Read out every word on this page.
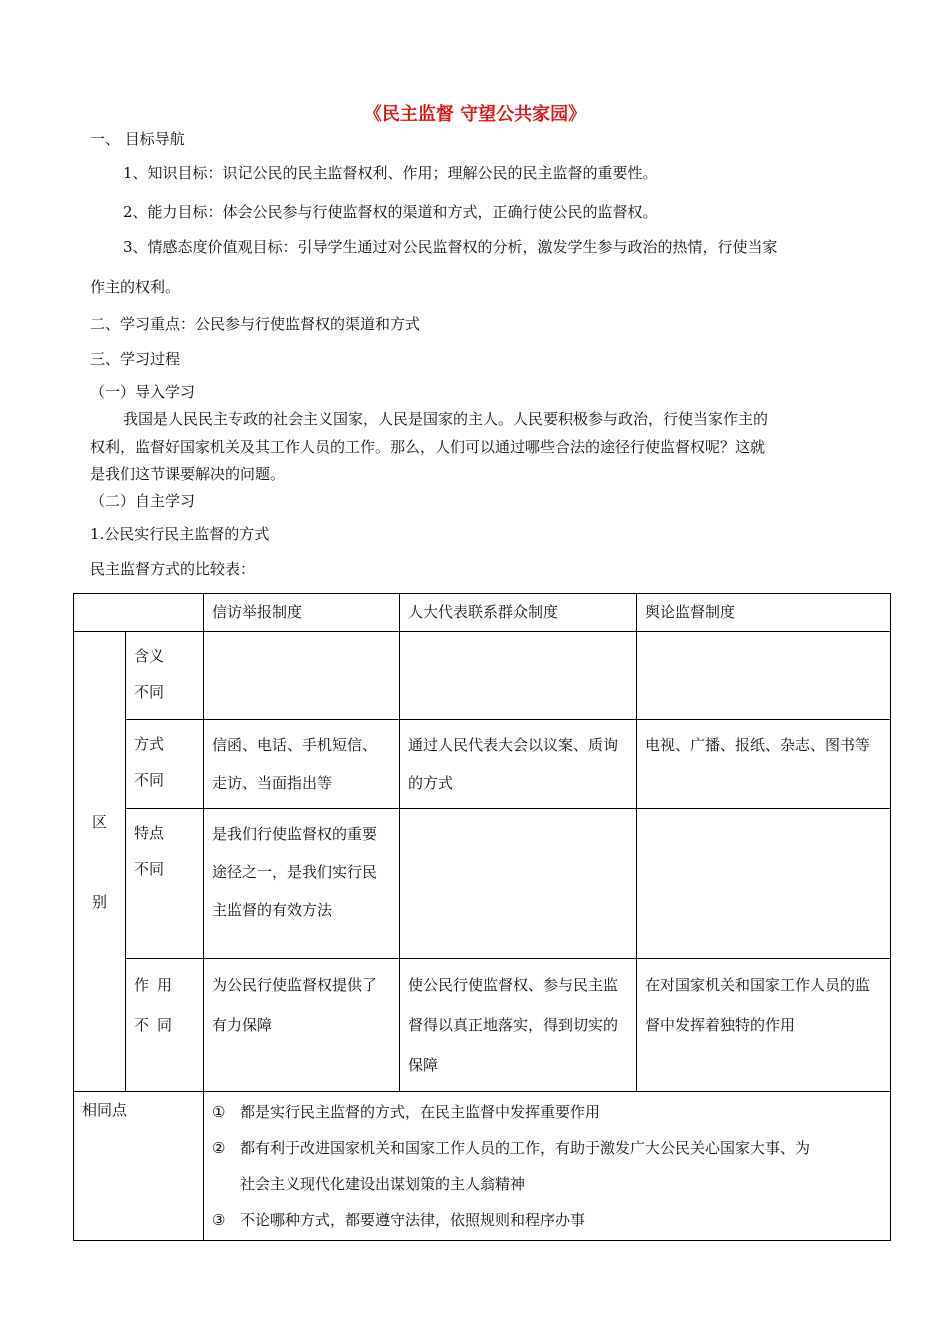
《民主监督 守望公共家园》
一、 目标导航
1、知识目标：识记公民的民主监督权利、作用；理解公民的民主监督的重要性。
2、能力目标：体会公民参与行使监督权的渠道和方式，正确行使公民的监督权。
3、情感态度价值观目标：引导学生通过对公民监督权的分析，激发学生参与政治的热情，行使当家
作主的权利。
二、学习重点：公民参与行使监督权的渠道和方式
三、学习过程
（一）导入学习
我国是人民民主专政的社会主义国家，人民是国家的主人。人民要积极参与政治，行使当家作主的
权利，监督好国家机关及其工作人员的工作。那么，人们可以通过哪些合法的途径行使监督权呢？这就
是我们这节课要解决的问题。
（二）自主学习
1.公民实行民主监督的方式
民主监督方式的比较表：
		信访举报制度	人大代表联系群众制度	舆论监督制度
区别	含义不同			

	方式不同	信函、电话、手机短信、走访、当面指出等	通过人民代表大会以议案、质询的方式	电视、广播、报纸、杂志、图书等

	特点不同	是我们行使监督权的重要途径之一，是我们实行民主监督的有效方法		

	作用不同	为公民行使监督权提供了有力保障	使公民行使监督权、参与民主监督得以真正地落实，得到切实的保障	在对国家机关和国家工作人员的监督中发挥着独特的作用
相同点		① 都是实行民主监督的方式，在民主监督中发挥重要作用
② 都有利于改进国家机关和国家工作人员的工作，有助于激发广大公民关心国家大事、为
社会主义现代化建设出谋划策的主人翁精神
③ 不论哪种方式，都要遵守法律，依照规则和程序办事		
